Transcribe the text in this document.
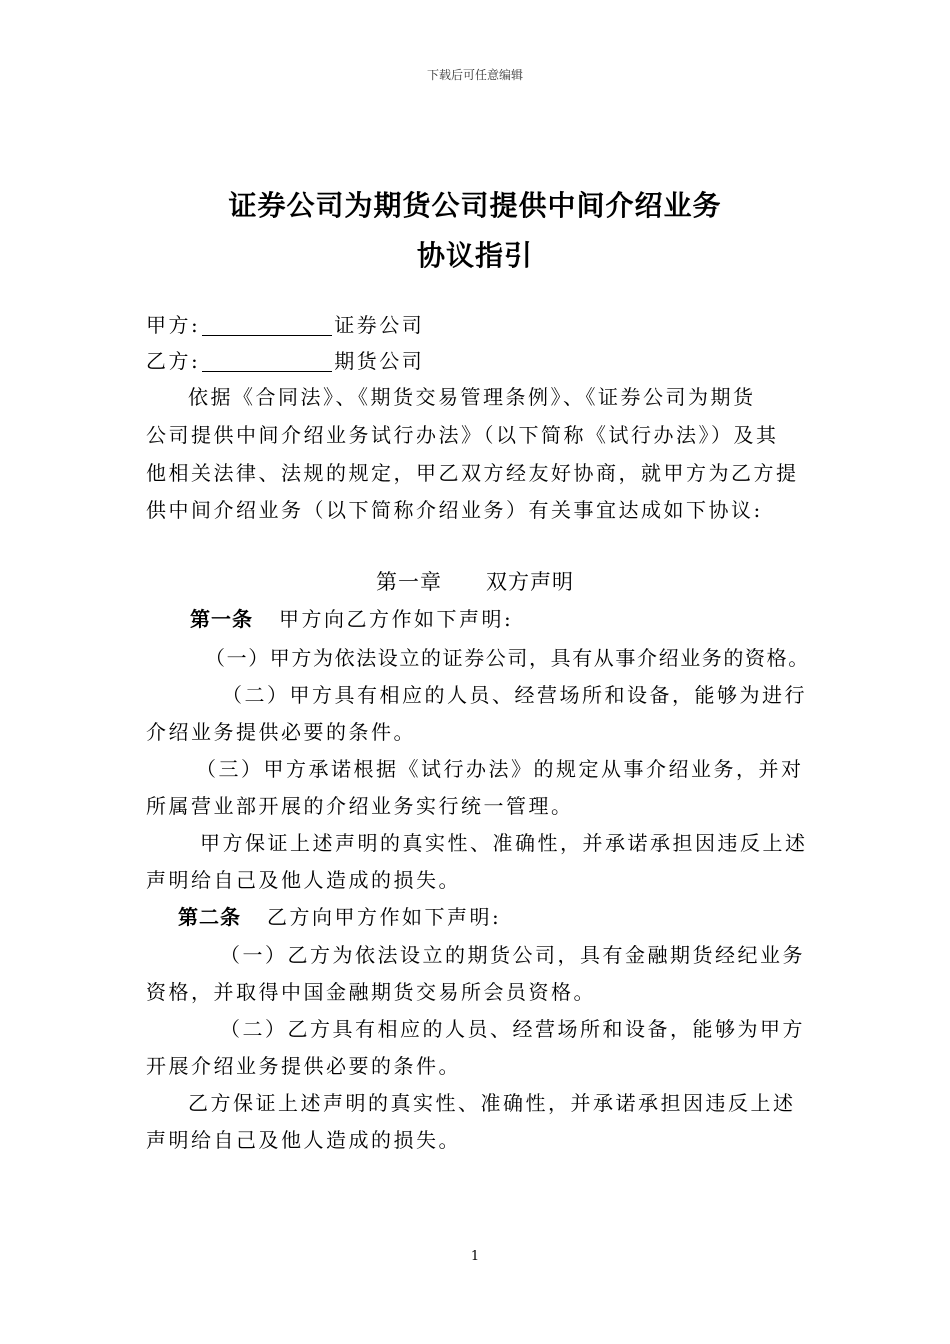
下载后可任意编辑
证券公司为期货公司提供中间介绍业务
协议指引
甲方:	证券公司
乙方:	期货公司
依据《合同法》、《期货交易管理条例》、《证券公司为期货
公司提供中间介绍业务试行办法》（以下简称《试行办法》）及其
他相关法律、法规的规定，甲乙双方经友好协商，就甲方为乙方提
供中间介绍业务（以下简称介绍业务）有关事宜达成如下协议:
第一章　　双方声明
第一条 甲方向乙方作如下声明:
（一）甲方为依法设立的证券公司，具有从事介绍业务的资格。
（二）甲方具有相应的人员、经营场所和设备，能够为进行
介绍业务提供必要的条件。
（三）甲方承诺根据《试行办法》的规定从事介绍业务，并对
所属营业部开展的介绍业务实行统一管理。
甲方保证上述声明的真实性、准确性，并承诺承担因违反上述
声明给自己及他人造成的损失。
第二条 乙方向甲方作如下声明:
（一）乙方为依法设立的期货公司，具有金融期货经纪业务
资格，并取得中国金融期货交易所会员资格。
（二）乙方具有相应的人员、经营场所和设备，能够为甲方
开展介绍业务提供必要的条件。
乙方保证上述声明的真实性、准确性，并承诺承担因违反上述
声明给自己及他人造成的损失。
1
